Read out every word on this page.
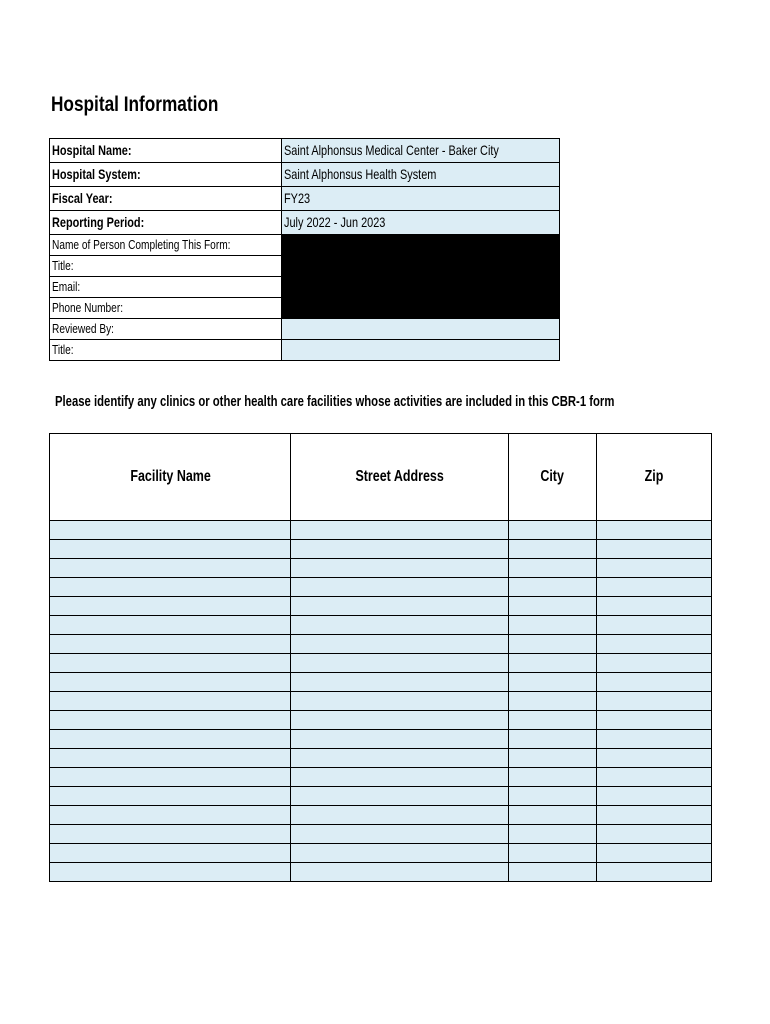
Hospital Information
Hospital Name:	Saint Alphonsus Medical Center - Baker City
Hospital System:	Saint Alphonsus Health System
Fiscal Year:	FY23
Reporting Period:	July 2022 - Jun 2023
Name of Person Completing This Form:	
Title:	
Email:	
Phone Number:	
Reviewed By:	
Title:	
Please identify any clinics or other health care facilities whose activities are included in this CBR-1 form
Facility Name	Street Address	City	Zip
